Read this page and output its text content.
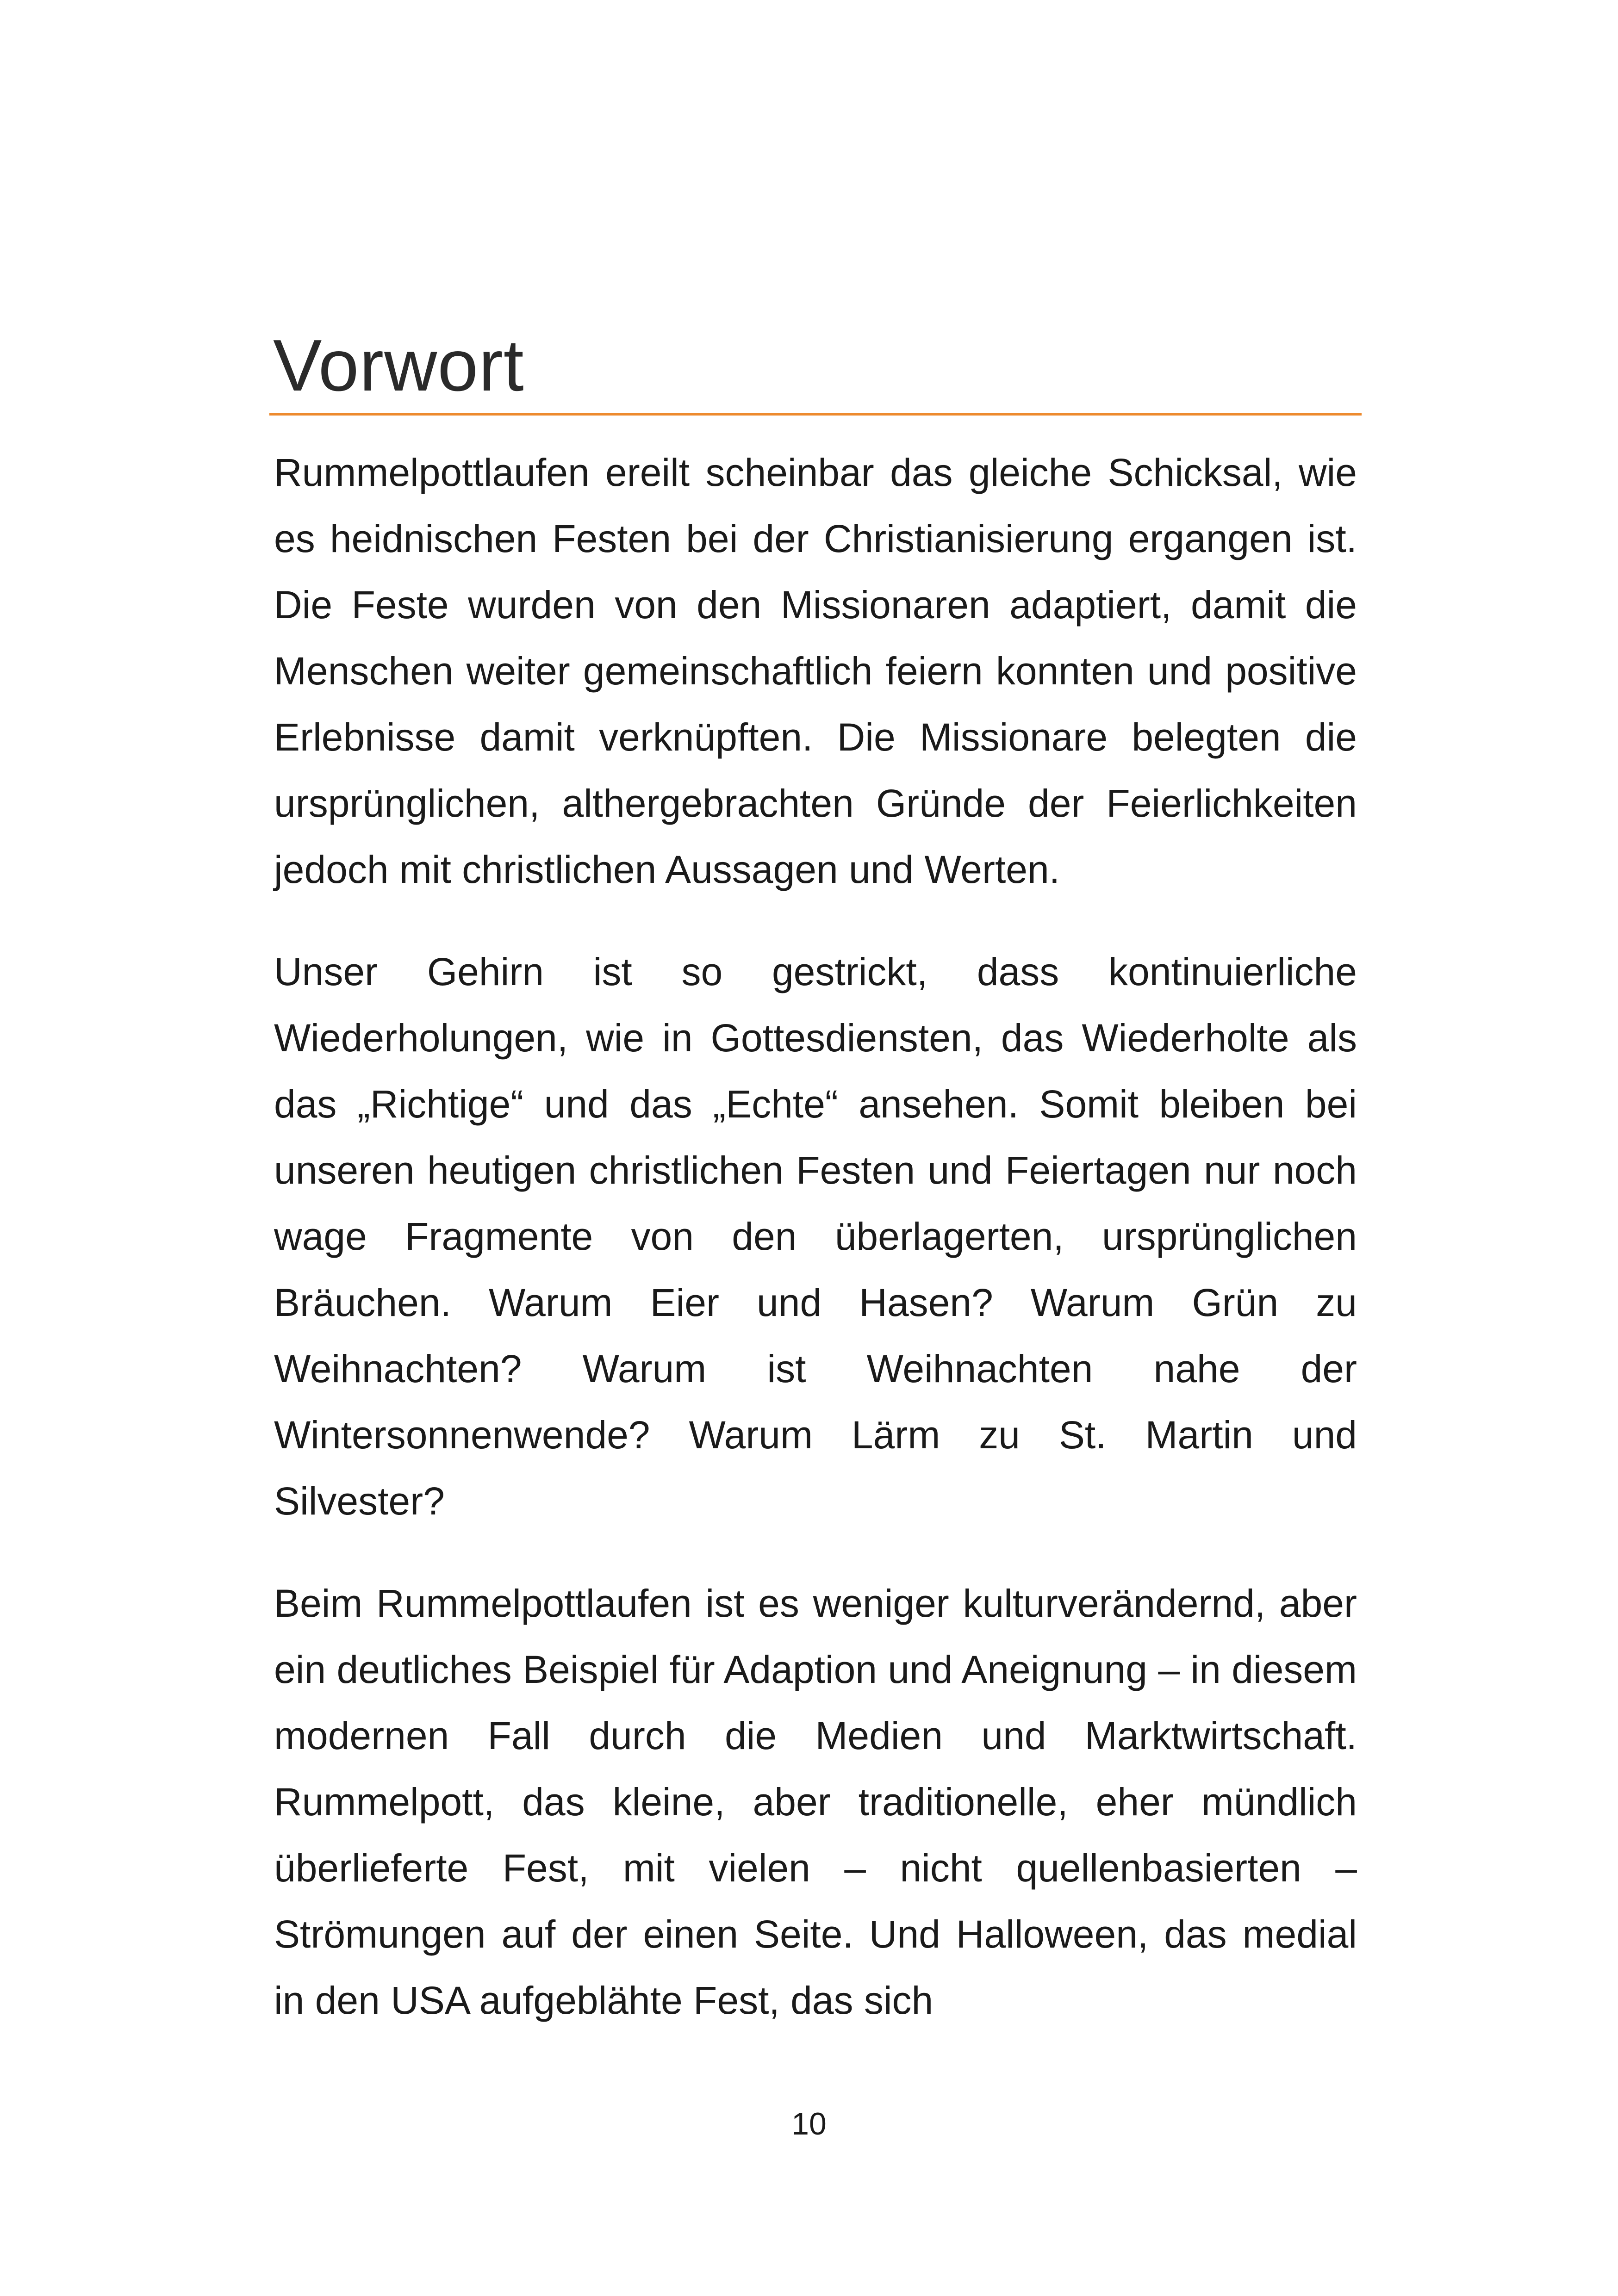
Vorwort

Rummelpottlaufen ereilt scheinbar das gleiche Schicksal, wie es heidnischen Festen bei der Christianisierung ergangen ist. Die Feste wurden von den Missionaren adaptiert, damit die Menschen weiter gemeinschaftlich feiern konnten und positive Erlebnisse damit verknüpften. Die Missionare belegten die ursprünglichen, althergebrachten Gründe der Feierlichkeiten jedoch mit christlichen Aussagen und Werten.

Unser Gehirn ist so gestrickt, dass kontinuierliche Wiederholungen, wie in Gottesdiensten, das Wiederholte als das „Richtige“ und das „Echte“ ansehen. Somit bleiben bei unseren heutigen christlichen Festen und Feiertagen nur noch wage Fragmente von den überlagerten, ursprünglichen Bräuchen. Warum Eier und Hasen? Warum Grün zu Weihnachten? Warum ist Weihnachten nahe der Wintersonnenwende? Warum Lärm zu St. Martin und Silvester?

Beim Rummelpottlaufen ist es weniger kulturverändernd, aber ein deutliches Beispiel für Adaption und Aneignung – in diesem modernen Fall durch die Medien und Marktwirtschaft. Rummelpott, das kleine, aber traditionelle, eher mündlich überlieferte Fest, mit vielen – nicht quellenbasierten – Strömungen auf der einen Seite. Und Halloween, das medial in den USA aufgeblähte Fest, das sich

10
